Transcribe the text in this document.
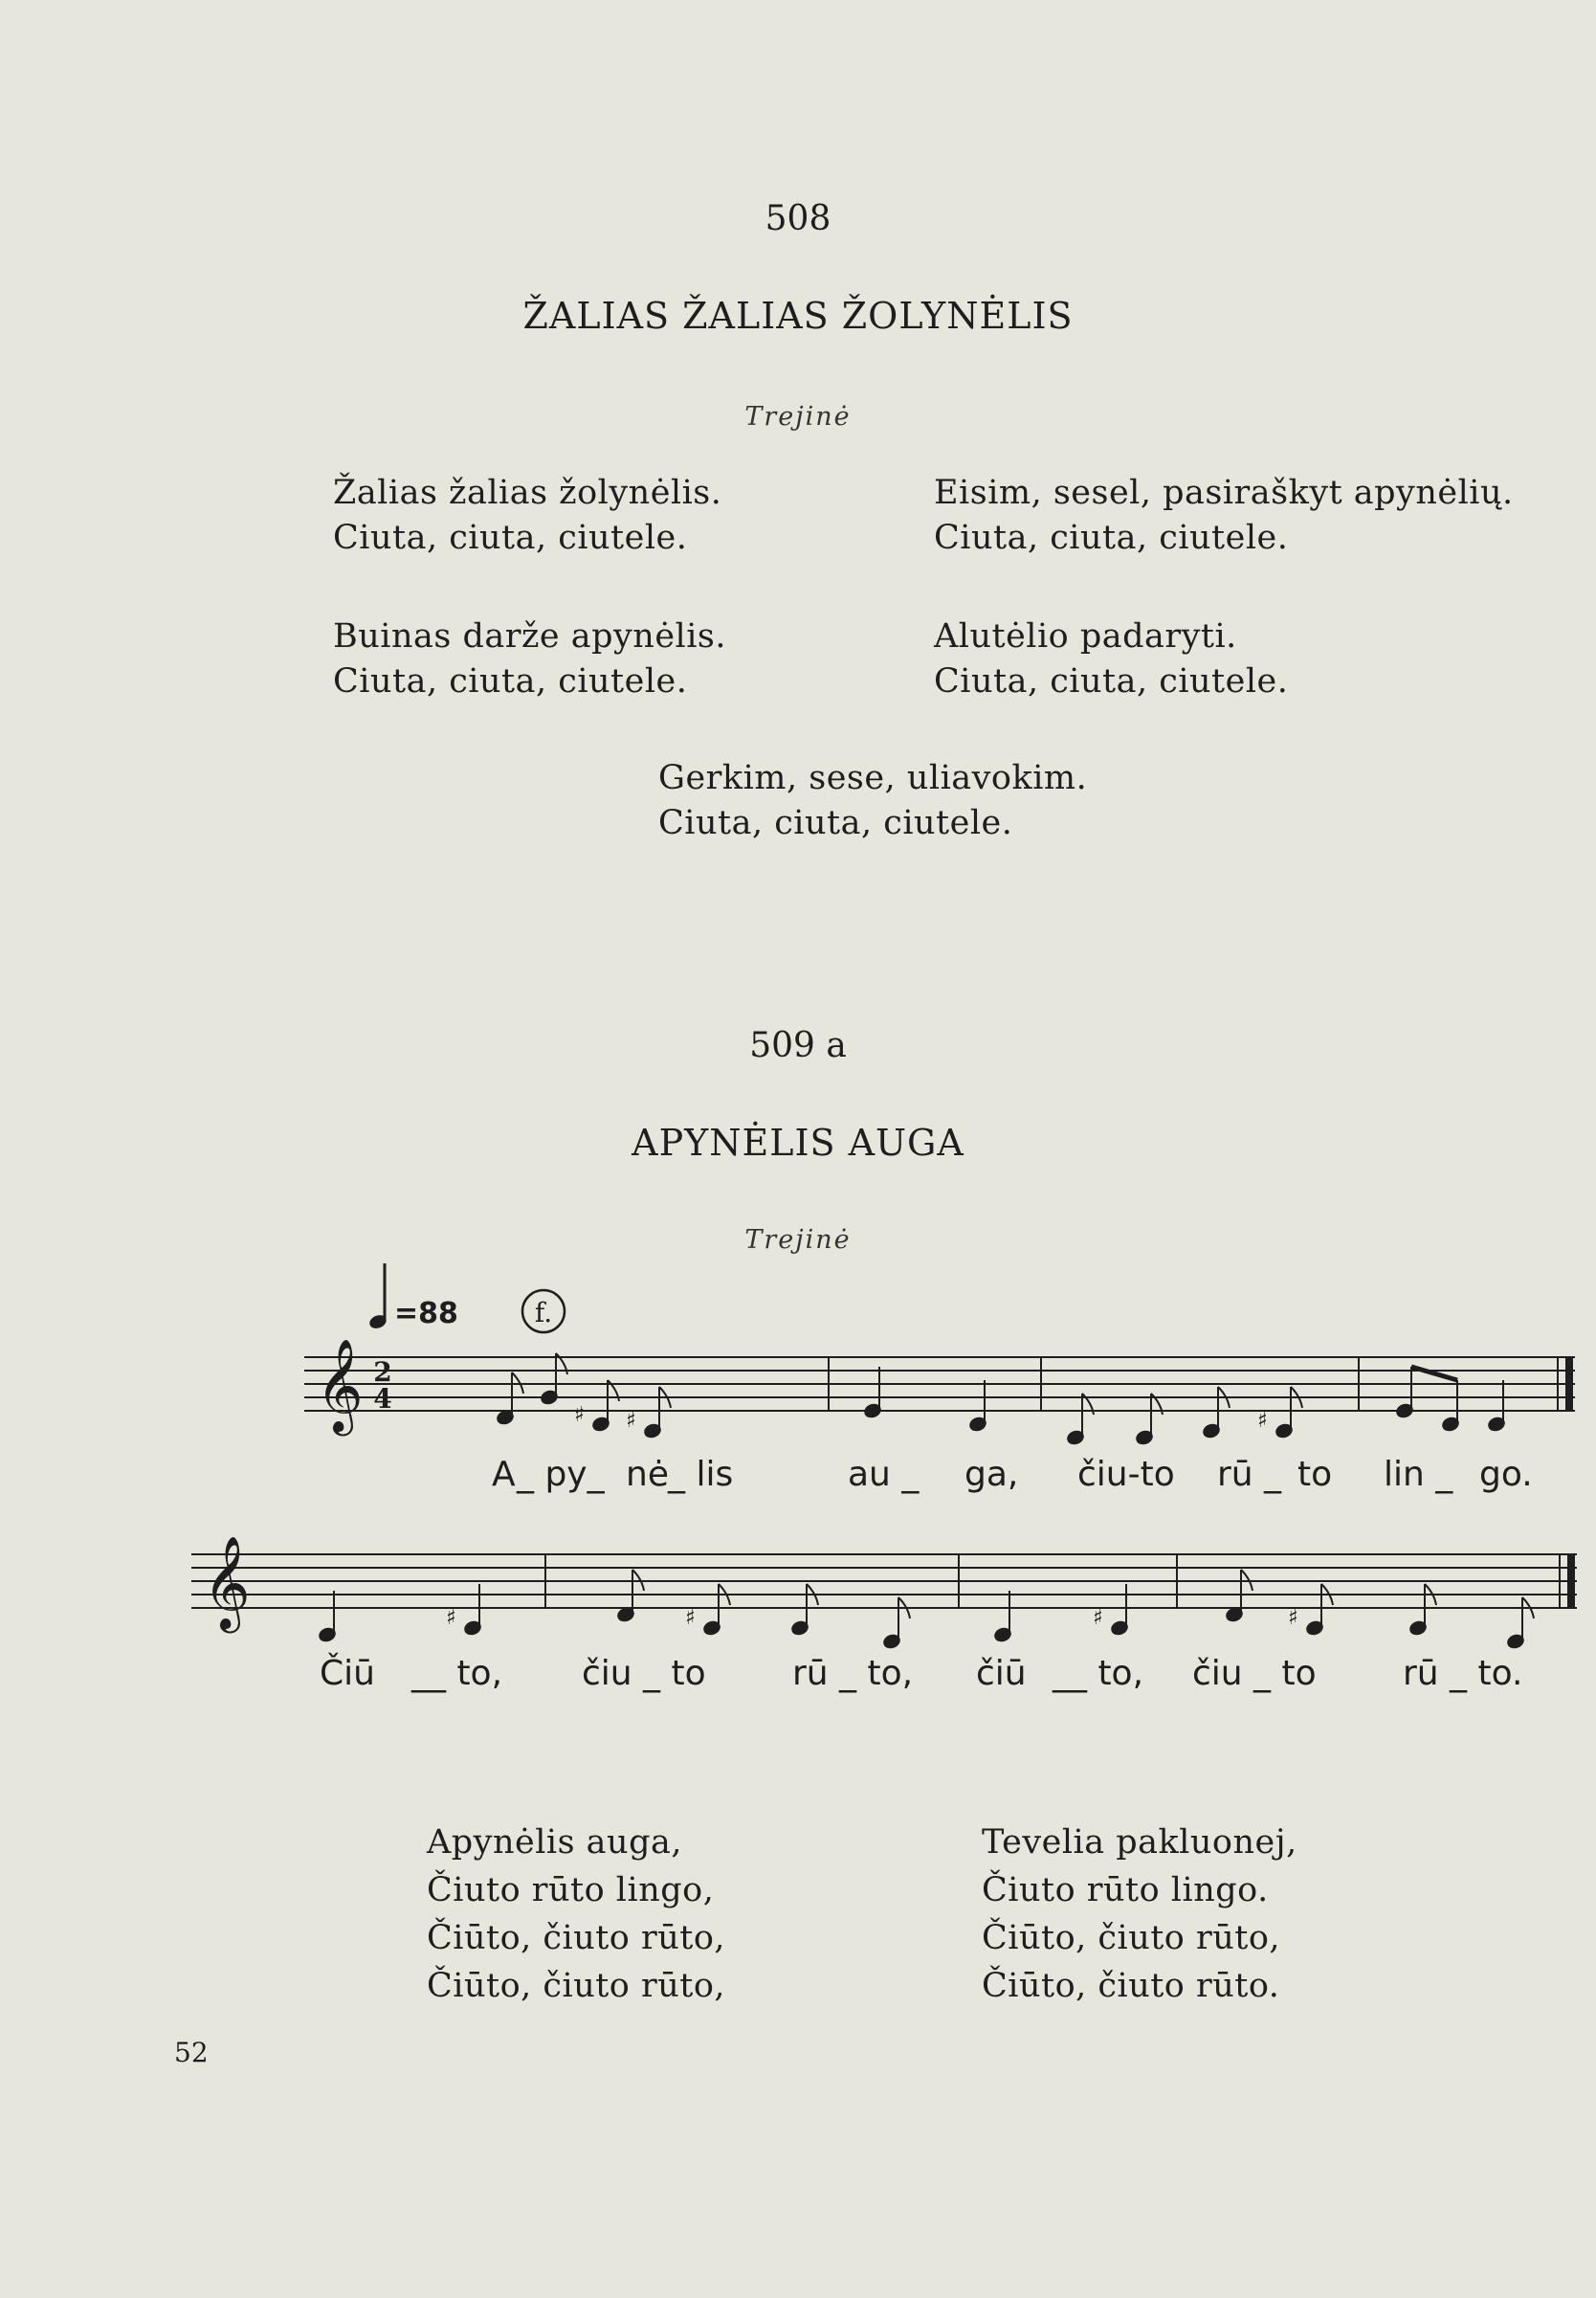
508
ŽALIAS ŽALIAS ŽOLYNĖLIS
Trejinė
Žalias žalias žolynėlis.
Ciuta, ciuta, ciutele.
Eisim, sesel, pasiraškyt apynėlių.
Ciuta, ciuta, ciutele.
Buinas darže apynėlis.
Ciuta, ciuta, ciutele.
Alutėlio padaryti.
Ciuta, ciuta, ciutele.
Gerkim, sese, uliavokim.
Ciuta, ciuta, ciutele.
509 a
APYNĖLIS AUGA
Trejinė
=88	f.
𝄞 2
4
♯ ♯	♯
A _ py_ nė _ lis	au _ ga, čiu-to rū _ to lin _ go.
𝄞	♯	♯	♯	♯
Čiū __ to, čiu _ to	rū _ to, čiū __ to, čiu _ to	rū _ to.
Apynėlis auga,
Čiuto rūto lingo,
Čiūto, čiuto rūto,
Čiūto, čiuto rūto,
Tevelia pakluonej,
Čiuto rūto lingo.
Čiūto, čiuto rūto,
Čiūto, čiuto rūto.
52
